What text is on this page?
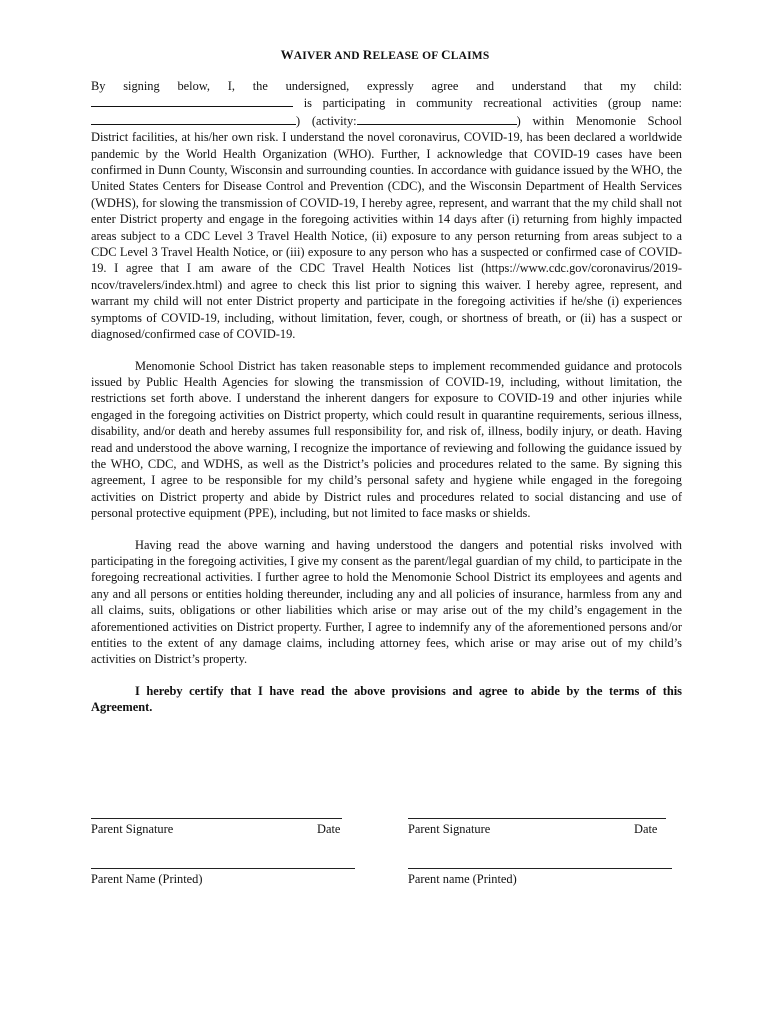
WAIVER AND RELEASE OF CLAIMS

By signing below, I, the undersigned, expressly agree and understand that my child: is participating in community recreational activities (group name:) (activity:	) within Menomonie School District facilities, at his/her own risk. I understand the novel coronavirus, COVID-19, has been declared a worldwide pandemic by the World Health Organization (WHO). Further, I acknowledge that COVID-19 cases have been confirmed in Dunn County, Wisconsin and surrounding counties. In accordance with guidance issued by the WHO, the United States Centers for Disease Control and Prevention (CDC), and the Wisconsin Department of Health Services (WDHS), for slowing the transmission of COVID-19, I hereby agree, represent, and warrant that the my child shall not enter District property and engage in the foregoing activities within 14 days after (i) returning from highly impacted areas subject to a CDC Level 3 Travel Health Notice, (ii) exposure to any person returning from areas subject to a CDC Level 3 Travel Health Notice, or (iii) exposure to any person who has a suspected or confirmed case of COVID-19. I agree that I am aware of the CDC Travel Health Notices list (https://www.cdc.gov/coronavirus/2019-ncov/travelers/index.html) and agree to check this list prior to signing this waiver. I hereby agree, represent, and warrant my child will not enter District property and participate in the foregoing activities if he/she (i) experiences symptoms of COVID-19, including, without limitation, fever, cough, or shortness of breath, or (ii) has a suspect or diagnosed/confirmed case of COVID-19.

Menomonie School District has taken reasonable steps to implement recommended guidance and protocols issued by Public Health Agencies for slowing the transmission of COVID-19, including, without limitation, the restrictions set forth above. I understand the inherent dangers for exposure to COVID-19 and other injuries while engaged in the foregoing activities on District property, which could result in quarantine requirements, serious illness, disability, and/or death and hereby assumes full responsibility for, and risk of, illness, bodily injury, or death. Having read and understood the above warning, I recognize the importance of reviewing and following the guidance issued by the WHO, CDC, and WDHS, as well as the District’s policies and procedures related to the same. By signing this agreement, I agree to be responsible for my child’s personal safety and hygiene while engaged in the foregoing activities on District property and abide by District rules and procedures related to social distancing and use of personal protective equipment (PPE), including, but not limited to face masks or shields.

Having read the above warning and having understood the dangers and potential risks involved with participating in the foregoing activities, I give my consent as the parent/legal guardian of my child, to participate in the foregoing recreational activities. I further agree to hold the Menomonie School District its employees and agents and any and all persons or entities holding thereunder, including any and all policies of insurance, harmless from any and all claims, suits, obligations or other liabilities which arise or may arise out of the my child’s engagement in the aforementioned activities on District property. Further, I agree to indemnify any of the aforementioned persons and/or entities to the extent of any damage claims, including attorney fees, which arise or may arise out of my child’s activities on District’s property.

I hereby certify that I have read the above provisions and agree to abide by the terms of this Agreement.

Parent Signature	Date	Parent Signature	Date
Parent Name (Printed)	Parent name (Printed)
